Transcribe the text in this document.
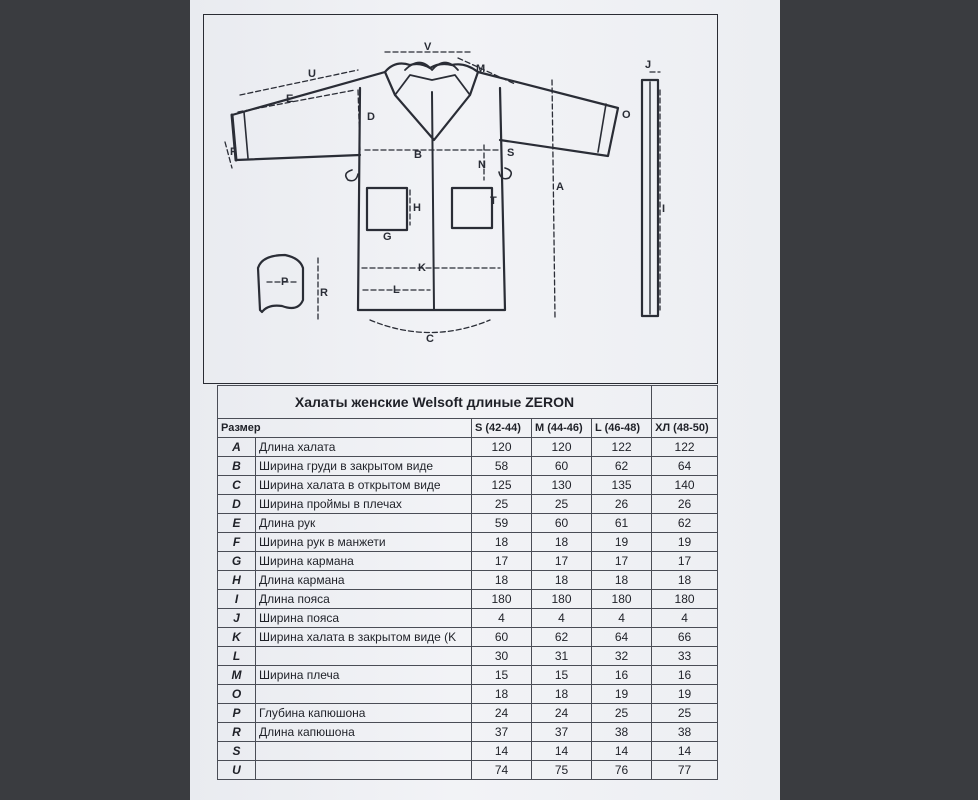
V
U	M
E
D
B
N
S
F
H
T
G
A
J
O
I
K
P
R	L
C
Халаты женские Welsoft длиные ZERON					
Размер		S (42-44)	M (44-46)	L (46-48)	ХЛ (48-50)
A	Длина халата	120	120	122	122
B	Ширина груди в закрытом виде	58	60	62	64
C	Ширина халата в открытом виде	125	130	135	140
D	Ширина проймы в плечах	25	25	26	26
E	Длина рук	59	60	61	62
F	Ширина рук в манжети	18	18	19	19
G	Ширина кармана	17	17	17	17
H	Длина кармана	18	18	18	18
I	Длина пояса	180	180	180	180
J	Ширина пояса	4	4	4	4
K	Ширина халата в закрытом виде (K	60	62	64	66
L		30	31	32	33
M	Ширина плеча	15	15	16	16
O		18	18	19	19
P	Глубина капюшона	24	24	25	25
R	Длина капюшона	37	37	38	38
S		14	14	14	14
U		74	75	76	77
